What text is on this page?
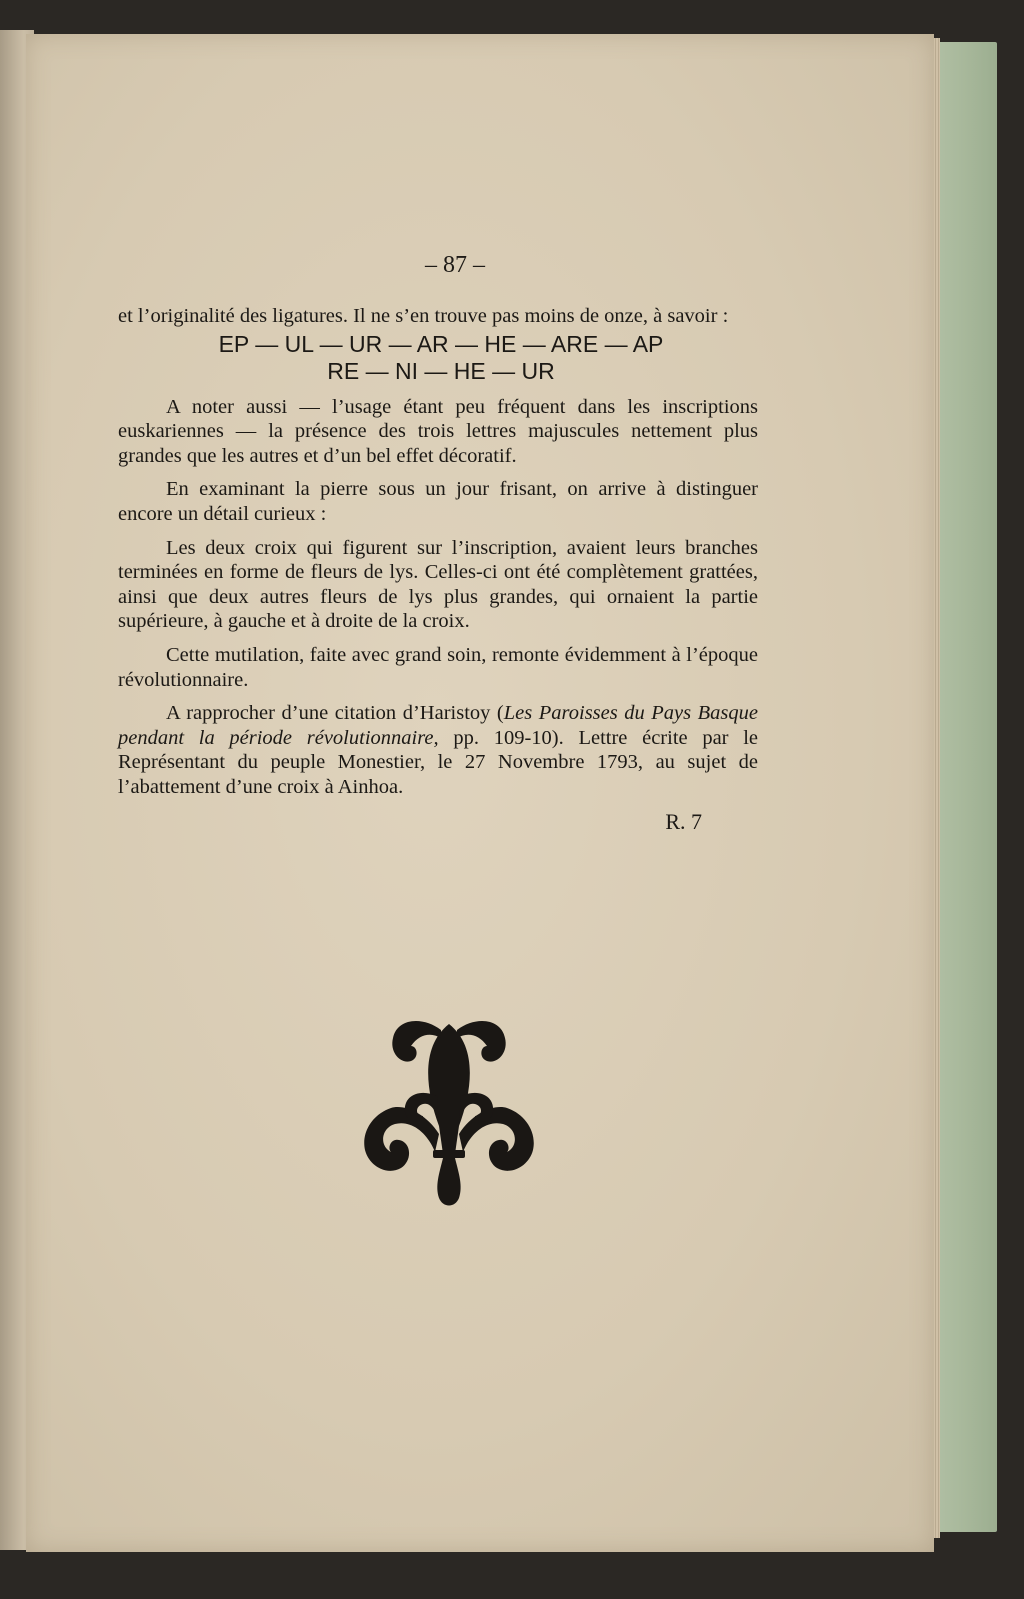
– 87 –

et l’originalité des ligatures. Il ne s’en trouve pas moins de onze, à savoir :

EP — UL — UR — AR — HE — ARE — AP
RE — NI — HE — UR

A noter aussi — l’usage étant peu fréquent dans les inscriptions euskariennes — la présence des trois lettres majuscules nettement plus grandes que les autres et d’un bel effet décoratif.

En examinant la pierre sous un jour frisant, on arrive à distinguer encore un détail curieux :

Les deux croix qui figurent sur l’inscription, avaient leurs branches terminées en forme de fleurs de lys. Celles-ci ont été complètement grattées, ainsi que deux autres fleurs de lys plus grandes, qui ornaient la partie supérieure, à gauche et à droite de la croix.

Cette mutilation, faite avec grand soin, remonte évidemment à l’époque révolutionnaire.

A rapprocher d’une citation d’Haristoy (Les Paroisses du Pays Basque pendant la période révolutionnaire, pp. 109-10). Lettre écrite par le Représentant du peuple Monestier, le 27 Novembre 1793, au sujet de l’abattement d’une croix à Ainhoa.

R. 7
